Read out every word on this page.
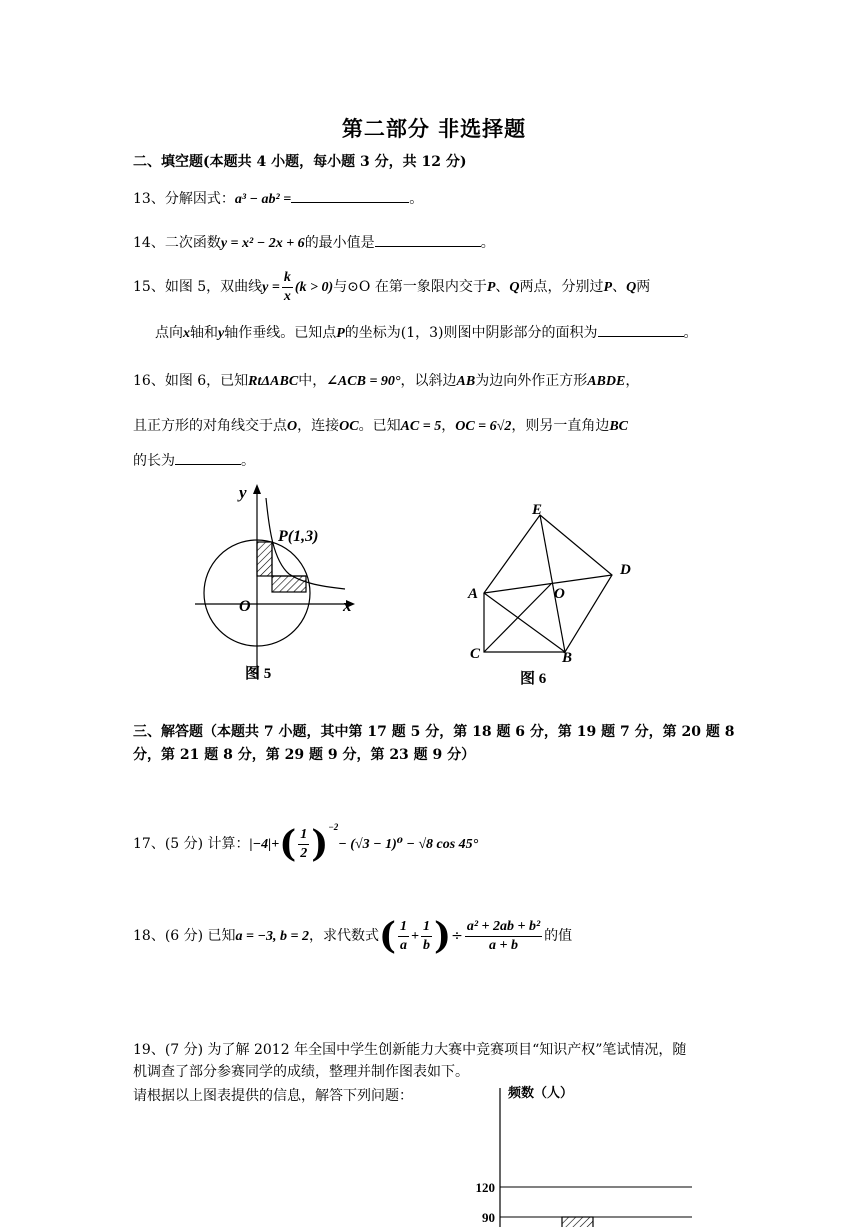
第二部分 非选择题
二、填空题(本题共 4 小题，每小题 3 分，共 12 分)
13、分解因式：a³ − ab² =	。
14、二次函数y = x² − 2x + 6的最小值是	。
15、如图 5，双曲线$y = \frac{k}{x} (k > 0)$与⊙O 在第一象限内交于P、Q两点，分别过P、Q两
点向x轴和y轴作垂线。已知点P的坐标为(1，3)则图中阴影部分的面积为	。
16、如图 6，已知RtΔABC中，∠ACB = 90°，以斜边AB为边向外作正方形ABDE，
且正方形的对角线交于点O，连接OC。已知AC = 5，OC = 6√2，则另一直角边BC
的长为	。
y
x
O
P(1,3)
图 5
E
D
A	O
C	B
图 6
三、解答题（本题共 7 小题，其中第 17 题 5 分，第 18 题 6 分，第 19 题 7 分，第 20 题 8
分，第 21 题 8 分，第 29 题 9 分，第 23 题 9 分）
17、(5 分) 计算：$|-4|+( \frac{1}{2} )^{-2}- (√3 - 1)^0 - √8$ cos 45°
18、(6 分) 已知a = −3, b = 2，求代数式( $\frac{1}{a} + \frac{1}{b}$ )÷ $\frac{\text{a² + 2ab + b²}}{a + b}$ 的值
19、(7 分) 为了解 2012 年全国中学生创新能力大赛中竞赛项目“知识产权”笔试情况，随
机调查了部分参赛同学的成绩，整理并制作图表如下。
请根据以上图表提供的信息，解答下列问题：	频数（人）
90
120
